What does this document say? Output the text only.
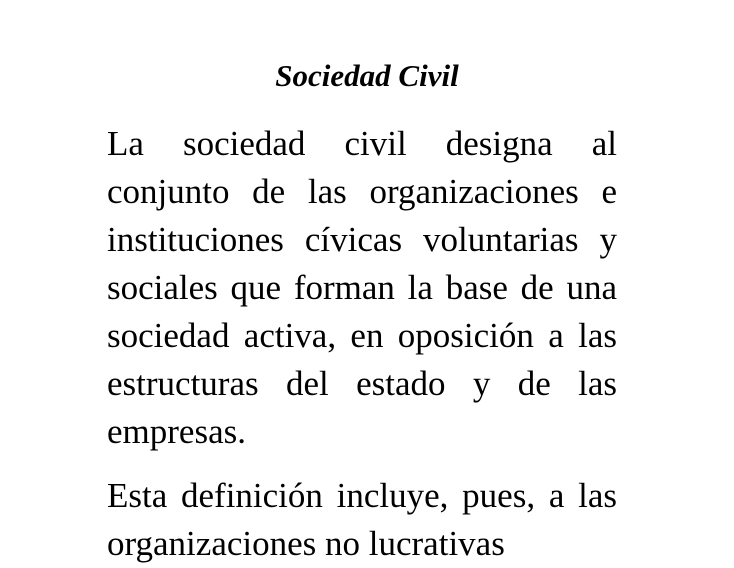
Sociedad Civil

La sociedad civil designa al conjunto de las organizaciones e instituciones cívicas voluntarias y sociales que forman la base de una sociedad activa, en oposición a las estructuras del estado y de las empresas.

Esta definición incluye, pues, a las organizaciones no lucrativas
